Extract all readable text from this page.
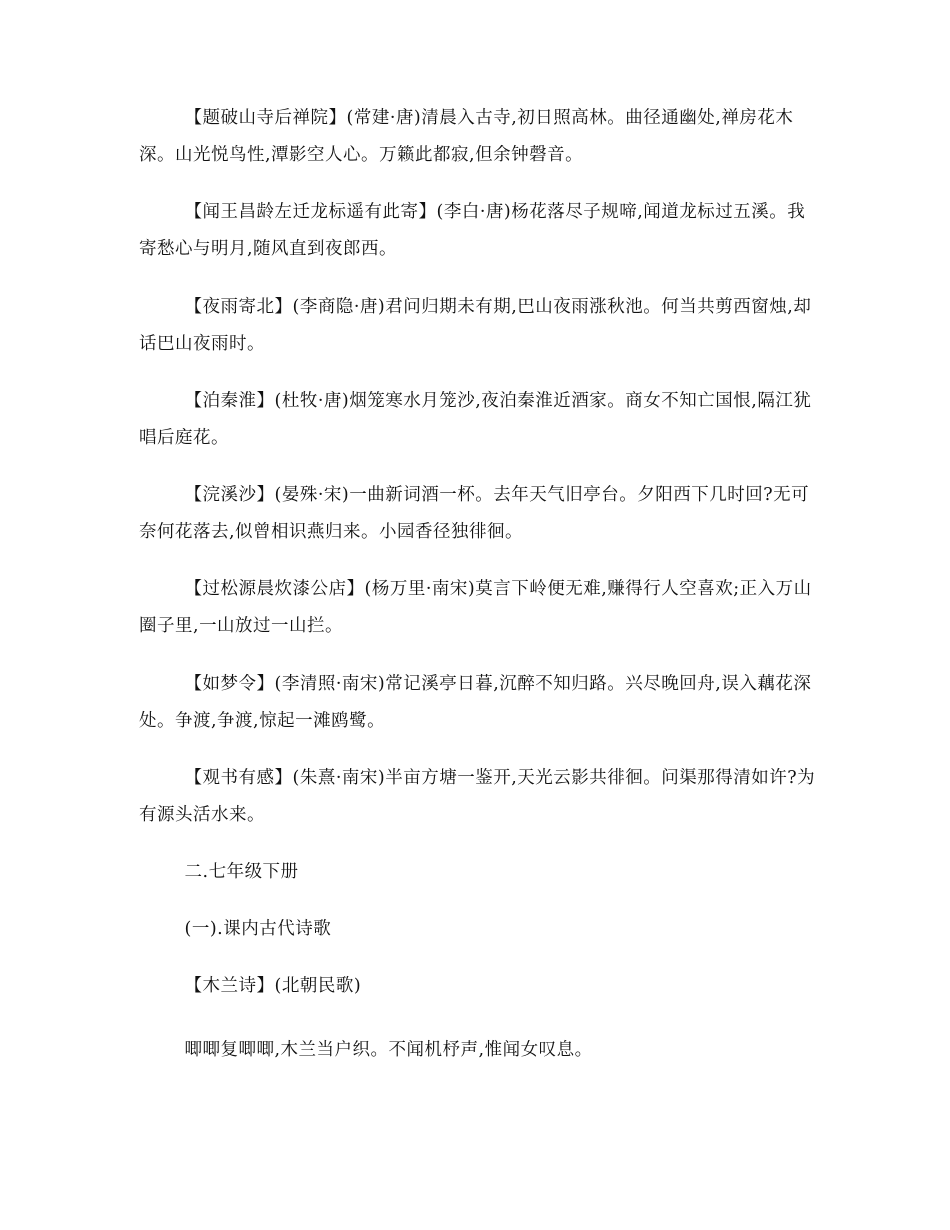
【题破山寺后禅院】(常建·唐)清晨入古寺,初日照高林。曲径通幽处,禅房花木深。山光悦鸟性,潭影空人心。万籁此都寂,但余钟磬音。

【闻王昌龄左迁龙标遥有此寄】(李白·唐)杨花落尽子规啼,闻道龙标过五溪。我寄愁心与明月,随风直到夜郎西。

【夜雨寄北】(李商隐·唐)君问归期未有期,巴山夜雨涨秋池。何当共剪西窗烛,却话巴山夜雨时。

【泊秦淮】(杜牧·唐)烟笼寒水月笼沙,夜泊秦淮近酒家。商女不知亡国恨,隔江犹唱后庭花。

【浣溪沙】(晏殊·宋)一曲新词酒一杯。去年天气旧亭台。夕阳西下几时回?无可奈何花落去,似曾相识燕归来。小园香径独徘徊。

【过松源晨炊漆公店】(杨万里·南宋)莫言下岭便无难,赚得行人空喜欢;正入万山圈子里,一山放过一山拦。

【如梦令】(李清照·南宋)常记溪亭日暮,沉醉不知归路。兴尽晚回舟,误入藕花深处。争渡,争渡,惊起一滩鸥鹭。

【观书有感】(朱熹·南宋)半亩方塘一鉴开,天光云影共徘徊。问渠那得清如许?为有源头活水来。

二.七年级下册

(一).课内古代诗歌

【木兰诗】(北朝民歌)

唧唧复唧唧,木兰当户织。不闻机杼声,惟闻女叹息。
